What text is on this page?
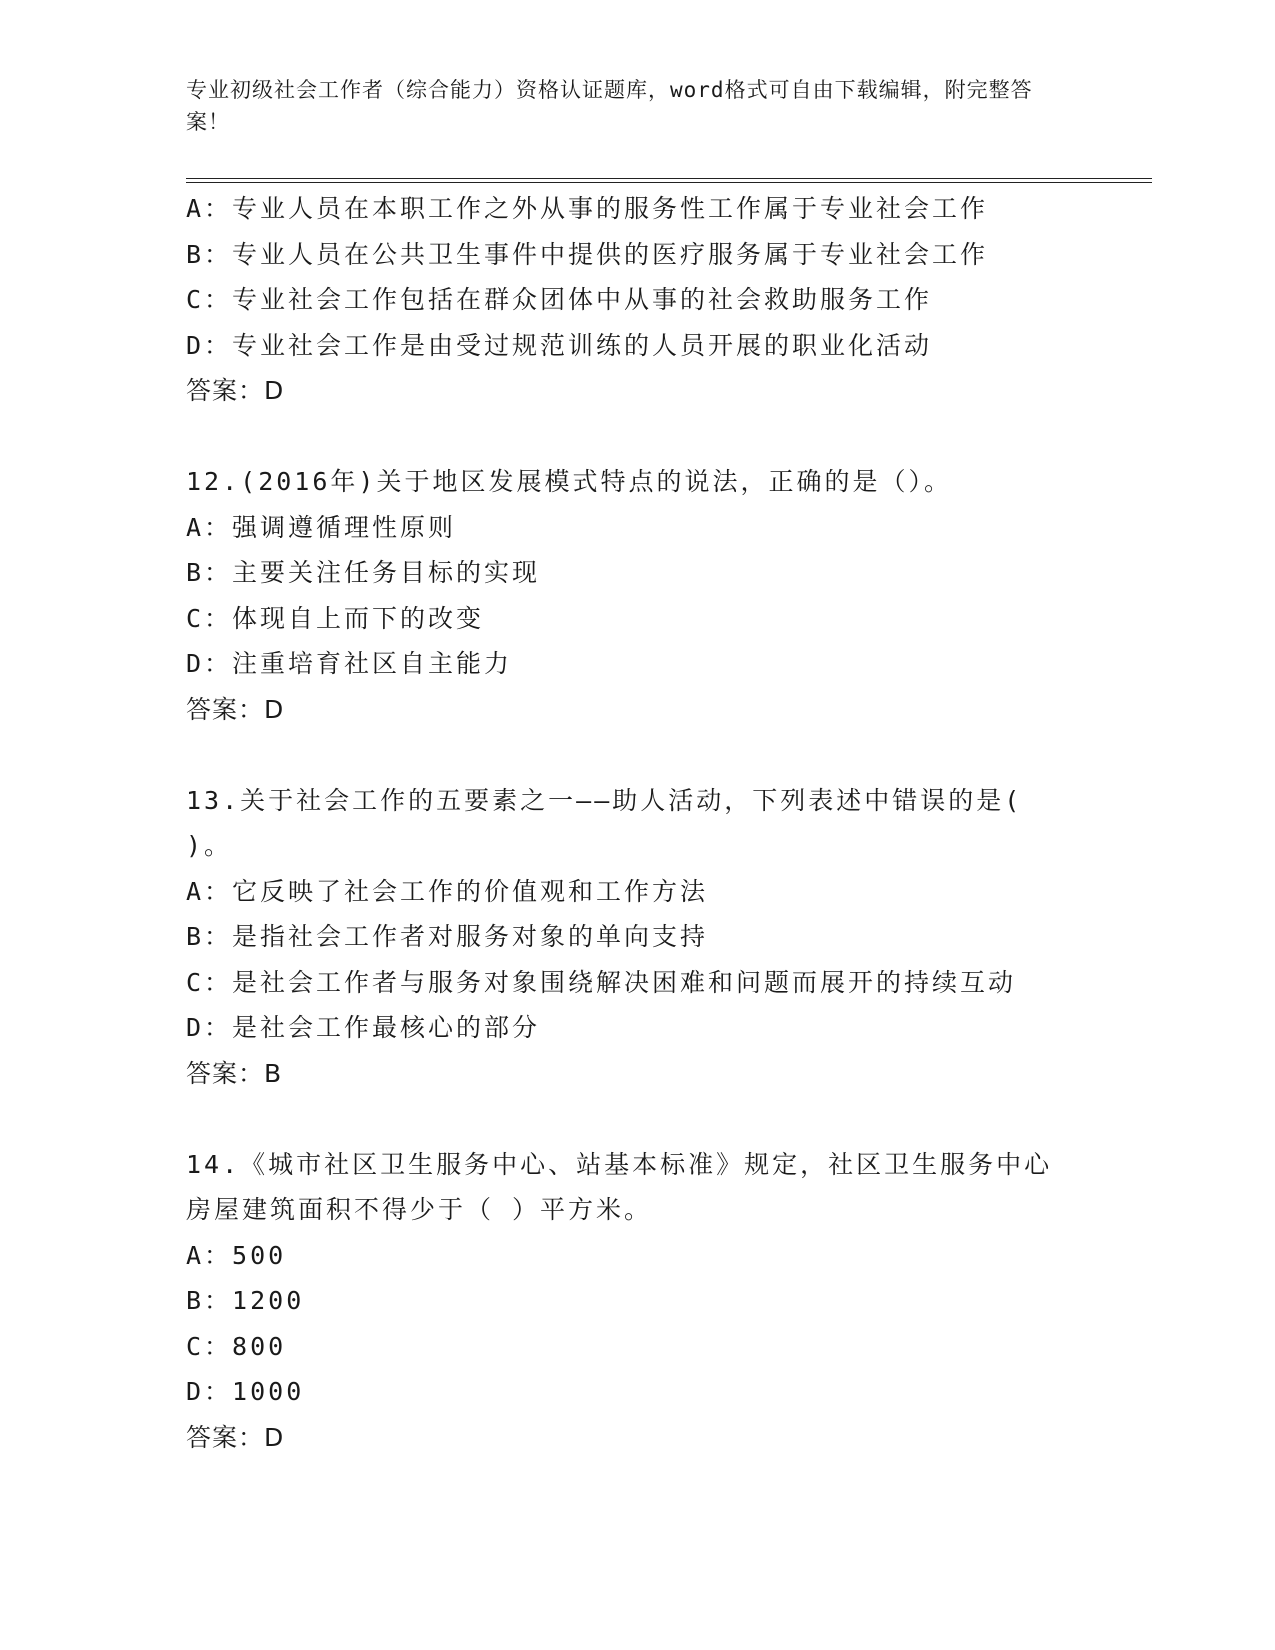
专业初级社会工作者（综合能力）资格认证题库，word格式可自由下载编辑，附完整答案！
A：专业人员在本职工作之外从事的服务性工作属于专业社会工作
B：专业人员在公共卫生事件中提供的医疗服务属于专业社会工作
C：专业社会工作包括在群众团体中从事的社会救助服务工作
D：专业社会工作是由受过规范训练的人员开展的职业化活动
答案：D
12.(2016年)关于地区发展模式特点的说法，正确的是（）。
A：强调遵循理性原则
B：主要关注任务目标的实现
C：体现自上而下的改变
D：注重培育社区自主能力
答案：D
13.关于社会工作的五要素之一——助人活动，下列表述中错误的是(
)。
A：它反映了社会工作的价值观和工作方法
B：是指社会工作者对服务对象的单向支持
C：是社会工作者与服务对象围绕解决困难和问题而展开的持续互动
D：是社会工作最核心的部分
答案：B
14.《城市社区卫生服务中心、站基本标准》规定，社区卫生服务中心
房屋建筑面积不得少于（ ）平方米。
A：500
B：1200
C：800
D：1000
答案：D
